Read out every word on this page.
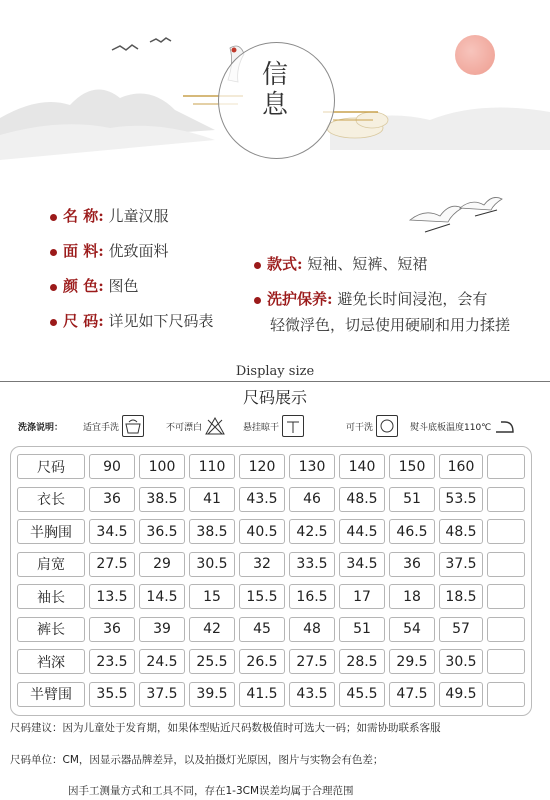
信息
名 称: 儿童汉服
面 料: 优致面料
颜 色: 图色
尺 码: 详见如下尺码表
款式: 短袖、短裤、短裙
洗护保养: 避免长时间浸泡，会有
轻微浮色，切忌使用硬刷和用力揉搓
Display size
尺码展示
洗涤说明： 适宜手洗	不可漂白	悬挂晾干	可干洗	熨斗底板温度110℃
尺码	90	100	110	120	130	140	150	160
衣长	36	38.5	41	43.5	46	48.5	51	53.5
半胸围	34.5	36.5	38.5	40.5	42.5	44.5	46.5	48.5
肩宽	27.5	29	30.5	32	33.5	34.5	36	37.5
袖长	13.5	14.5	15	15.5	16.5	17	18	18.5
裤长	36	39	42	45	48	51	54	57
裆深	23.5	24.5	25.5	26.5	27.5	28.5	29.5	30.5
半臂围	35.5	37.5	39.5	41.5	43.5	45.5	47.5	49.5
尺码建议：因为儿童处于发育期，如果体型贴近尺码数极值时可选大一码；如需协助联系客服
尺码单位：CM，因显示器品牌差异，以及拍摄灯光原因，图片与实物会有色差；
因手工测量方式和工具不同，存在1-3CM误差均属于合理范围
